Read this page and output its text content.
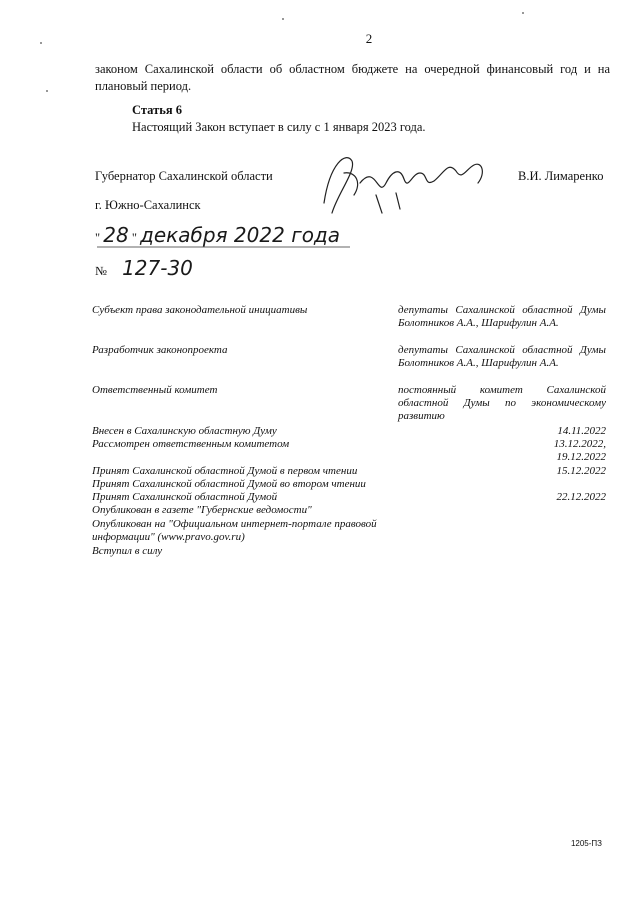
2
законом Сахалинской области об областном бюджете на очередной финансовый год и на плановый период.
Статья 6
Настоящий Закон вступает в силу с 1 января 2023 года.
Губернатор Сахалинской области	В.И. Лимаренко
г. Южно-Сахалинск
" 28 " декабря 2022 года
№ 127-30
Субъект права законодательной инициативы	депутаты Сахалинской областной Думы Болотников А.А., Шарифулин А.А.
Разработчик законопроекта	депутаты Сахалинской областной Думы Болотников А.А., Шарифулин А.А.
Ответственный комитет	постоянный комитет Сахалинской областной Думы по экономическому развитию
Внесен в Сахалинскую областную Думу	14.11.2022
Рассмотрен ответственным комитетом	13.12.2022,
19.12.2022
Принят Сахалинской областной Думой в первом чтении	15.12.2022
Принят Сахалинской областной Думой во втором чтении
Принят Сахалинской областной Думой	22.12.2022
Опубликован в газете "Губернские ведомости"
Опубликован на "Официальном интернет-портале правовой
информации" (www.pravo.gov.ru)
Вступил в силу
1205-ПЗ
